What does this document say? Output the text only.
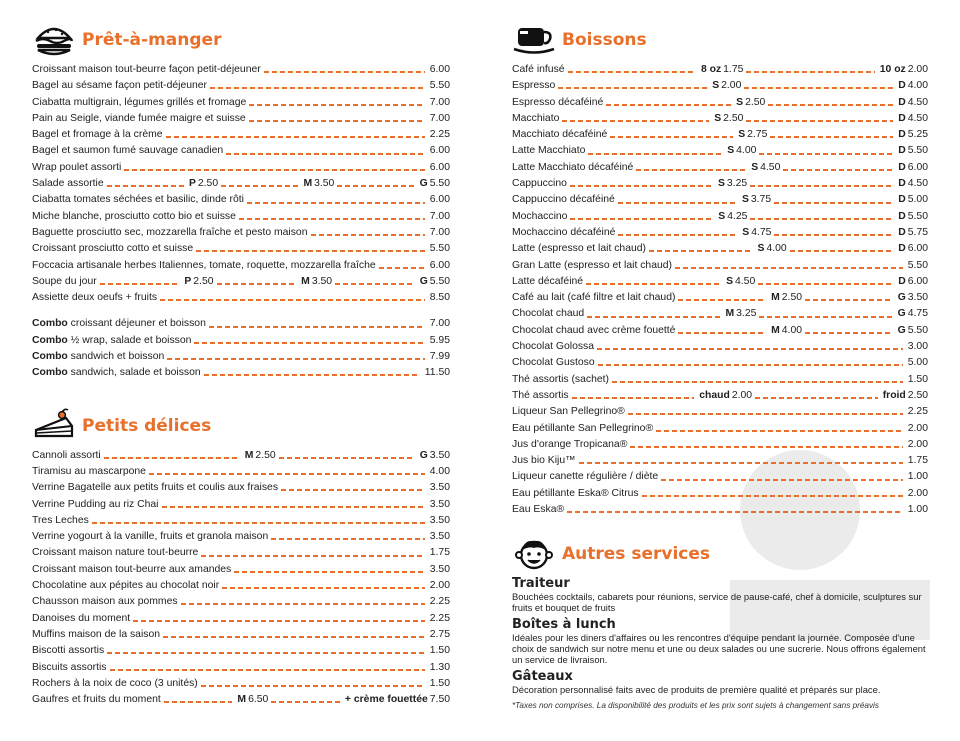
Prêt-à-manger
Croissant maison tout-beurre façon petit-déjeuner	6.00
Bagel au sésame façon petit-déjeuner	5.50
Ciabatta multigrain, légumes grillés et fromage	7.00
Pain au Seigle, viande fumée maigre et suisse	7.00
Bagel et fromage à la crème	2.25
Bagel et saumon fumé sauvage canadien	6.00
Wrap poulet assorti	6.00
Salade assortie	P 2.50	M 3.50	G 5.50
Ciabatta tomates séchées et basilic, dinde rôti	6.00
Miche blanche, prosciutto cotto bio et suisse	7.00
Baguette prosciutto sec, mozzarella fraîche et pesto maison	7.00
Croissant prosciutto cotto et suisse	5.50
Foccacia artisanale herbes Italiennes, tomate, roquette, mozzarella fraîche	6.00
Soupe du jour	P 2.50	M 3.50	G 5.50
Assiette deux oeufs + fruits	8.50
Combo croissant déjeuner et boisson	7.00
Combo ½ wrap, salade et boisson	5.95
Combo sandwich et boisson	7.99
Combo sandwich, salade et boisson	11.50
Petits délices
Cannoli assorti	M 2.50	G 3.50
Tiramisu au mascarpone	4.00
Verrine Bagatelle aux petits fruits et coulis aux fraises	3.50
Verrine Pudding au riz Chai	3.50
Tres Leches	3.50
Verrine yogourt à la vanille, fruits et granola maison	3.50
Croissant maison nature tout-beurre	1.75
Croissant maison tout-beurre aux amandes	3.50
Chocolatine aux pépites au chocolat noir	2.00
Chausson maison aux pommes	2.25
Danoises du moment	2.25
Muffins maison de la saison	2.75
Biscotti assortis	1.50
Biscuits assortis	1.30
Rochers à la noix de coco (3 unités)	1.50
Gaufres et fruits du moment	M 6.50	+ crème fouettée 7.50
Boissons
Café infusé	8 oz 1.75	10 oz 2.00
Espresso	S 2.00	D 4.00
Espresso décaféiné	S 2.50	D 4.50
Macchiato	S 2.50	D 4.50
Macchiato décaféiné	S 2.75	D 5.25
Latte Macchiato	S 4.00	D 5.50
Latte Macchiato décaféiné	S 4.50	D 6.00
Cappuccino	S 3.25	D 4.50
Cappuccino décaféiné	S 3.75	D 5.00
Mochaccino	S 4.25	D 5.50
Mochaccino décaféiné	S 4.75	D 5.75
Latte (espresso et lait chaud)	S 4.00	D 6.00
Gran Latte (espresso et lait chaud)	5.50
Latte décaféiné	S 4.50	D 6.00
Café au lait (café filtre et lait chaud)	M 2.50	G 3.50
Chocolat chaud	M 3.25	G 4.75
Chocolat chaud avec crème fouetté	M 4.00	G 5.50
Chocolat Golossa	3.00
Chocolat Gustoso	5.00
Thé assortis (sachet)	1.50
Thé assortis	chaud 2.00	froid 2.50
Liqueur San Pellegrino®	2.25
Eau pétillante San Pellegrino®	2.00
Jus d'orange Tropicana®	2.00
Jus bio Kiju™	1.75
Liqueur canette régulière / diète	1.00
Eau pétillante Eska® Citrus	2.00
Eau Eska®	1.00
Autres services
Traiteur

Bouchées cocktails, cabarets pour réunions, service de pause-café, chef à domicile, sculptures sur fruits et bouquet de fruits

Boîtes à lunch

Idéales pour les diners d'affaires ou les rencontres d'équipe pendant la journée. Composée d'une choix de sandwich sur notre menu et une ou deux salades ou une sucrerie. Nous offrons également un service de livraison.

Gâteaux

Décoration personnalisé faits avec de produits de première qualité et préparés sur place.

*Taxes non comprises. La disponibilité des produits et les prix sont sujets à changement sans préavis
